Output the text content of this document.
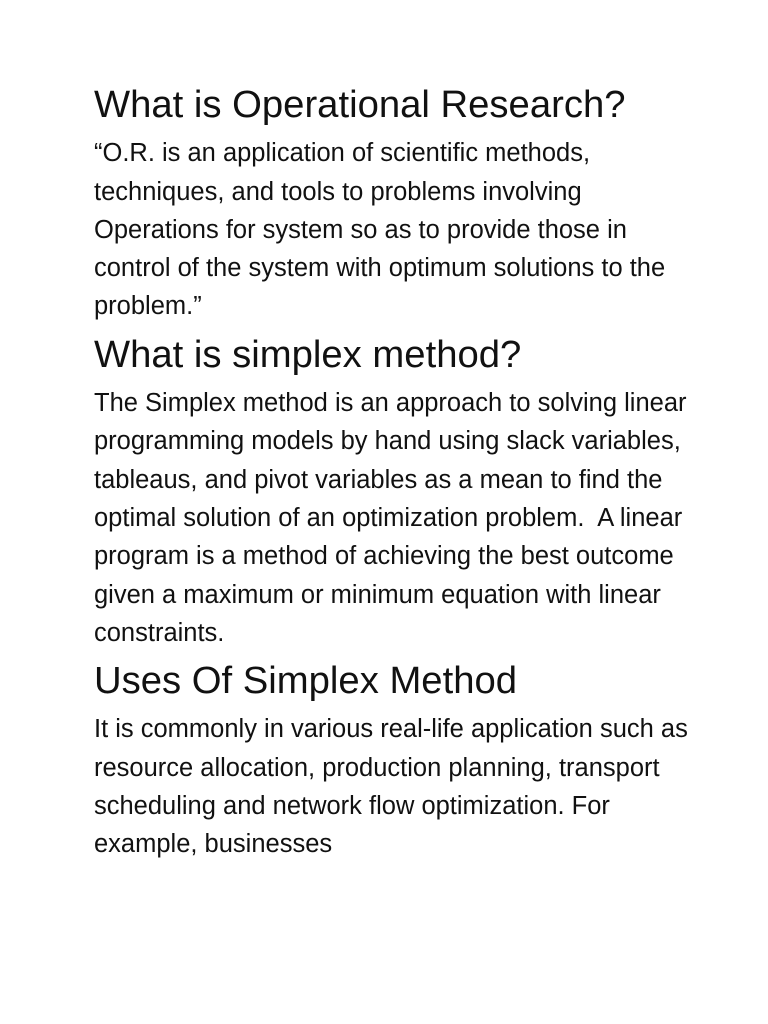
What is Operational Research?

“O.R. is an application of scientific methods, techniques, and tools to problems involving Operations for system so as to provide those in control of the system with optimum solutions to the problem.”

What is simplex method?

The Simplex method is an approach to solving linear programming models by hand using slack variables, tableaus, and pivot variables as a mean to find the optimal solution of an optimization problem.  A linear program is a method of achieving the best outcome given a maximum or minimum equation with linear constraints.

Uses Of Simplex Method

It is commonly in various real-life application such as resource allocation, production planning, transport scheduling and network flow optimization. For example, businesses
